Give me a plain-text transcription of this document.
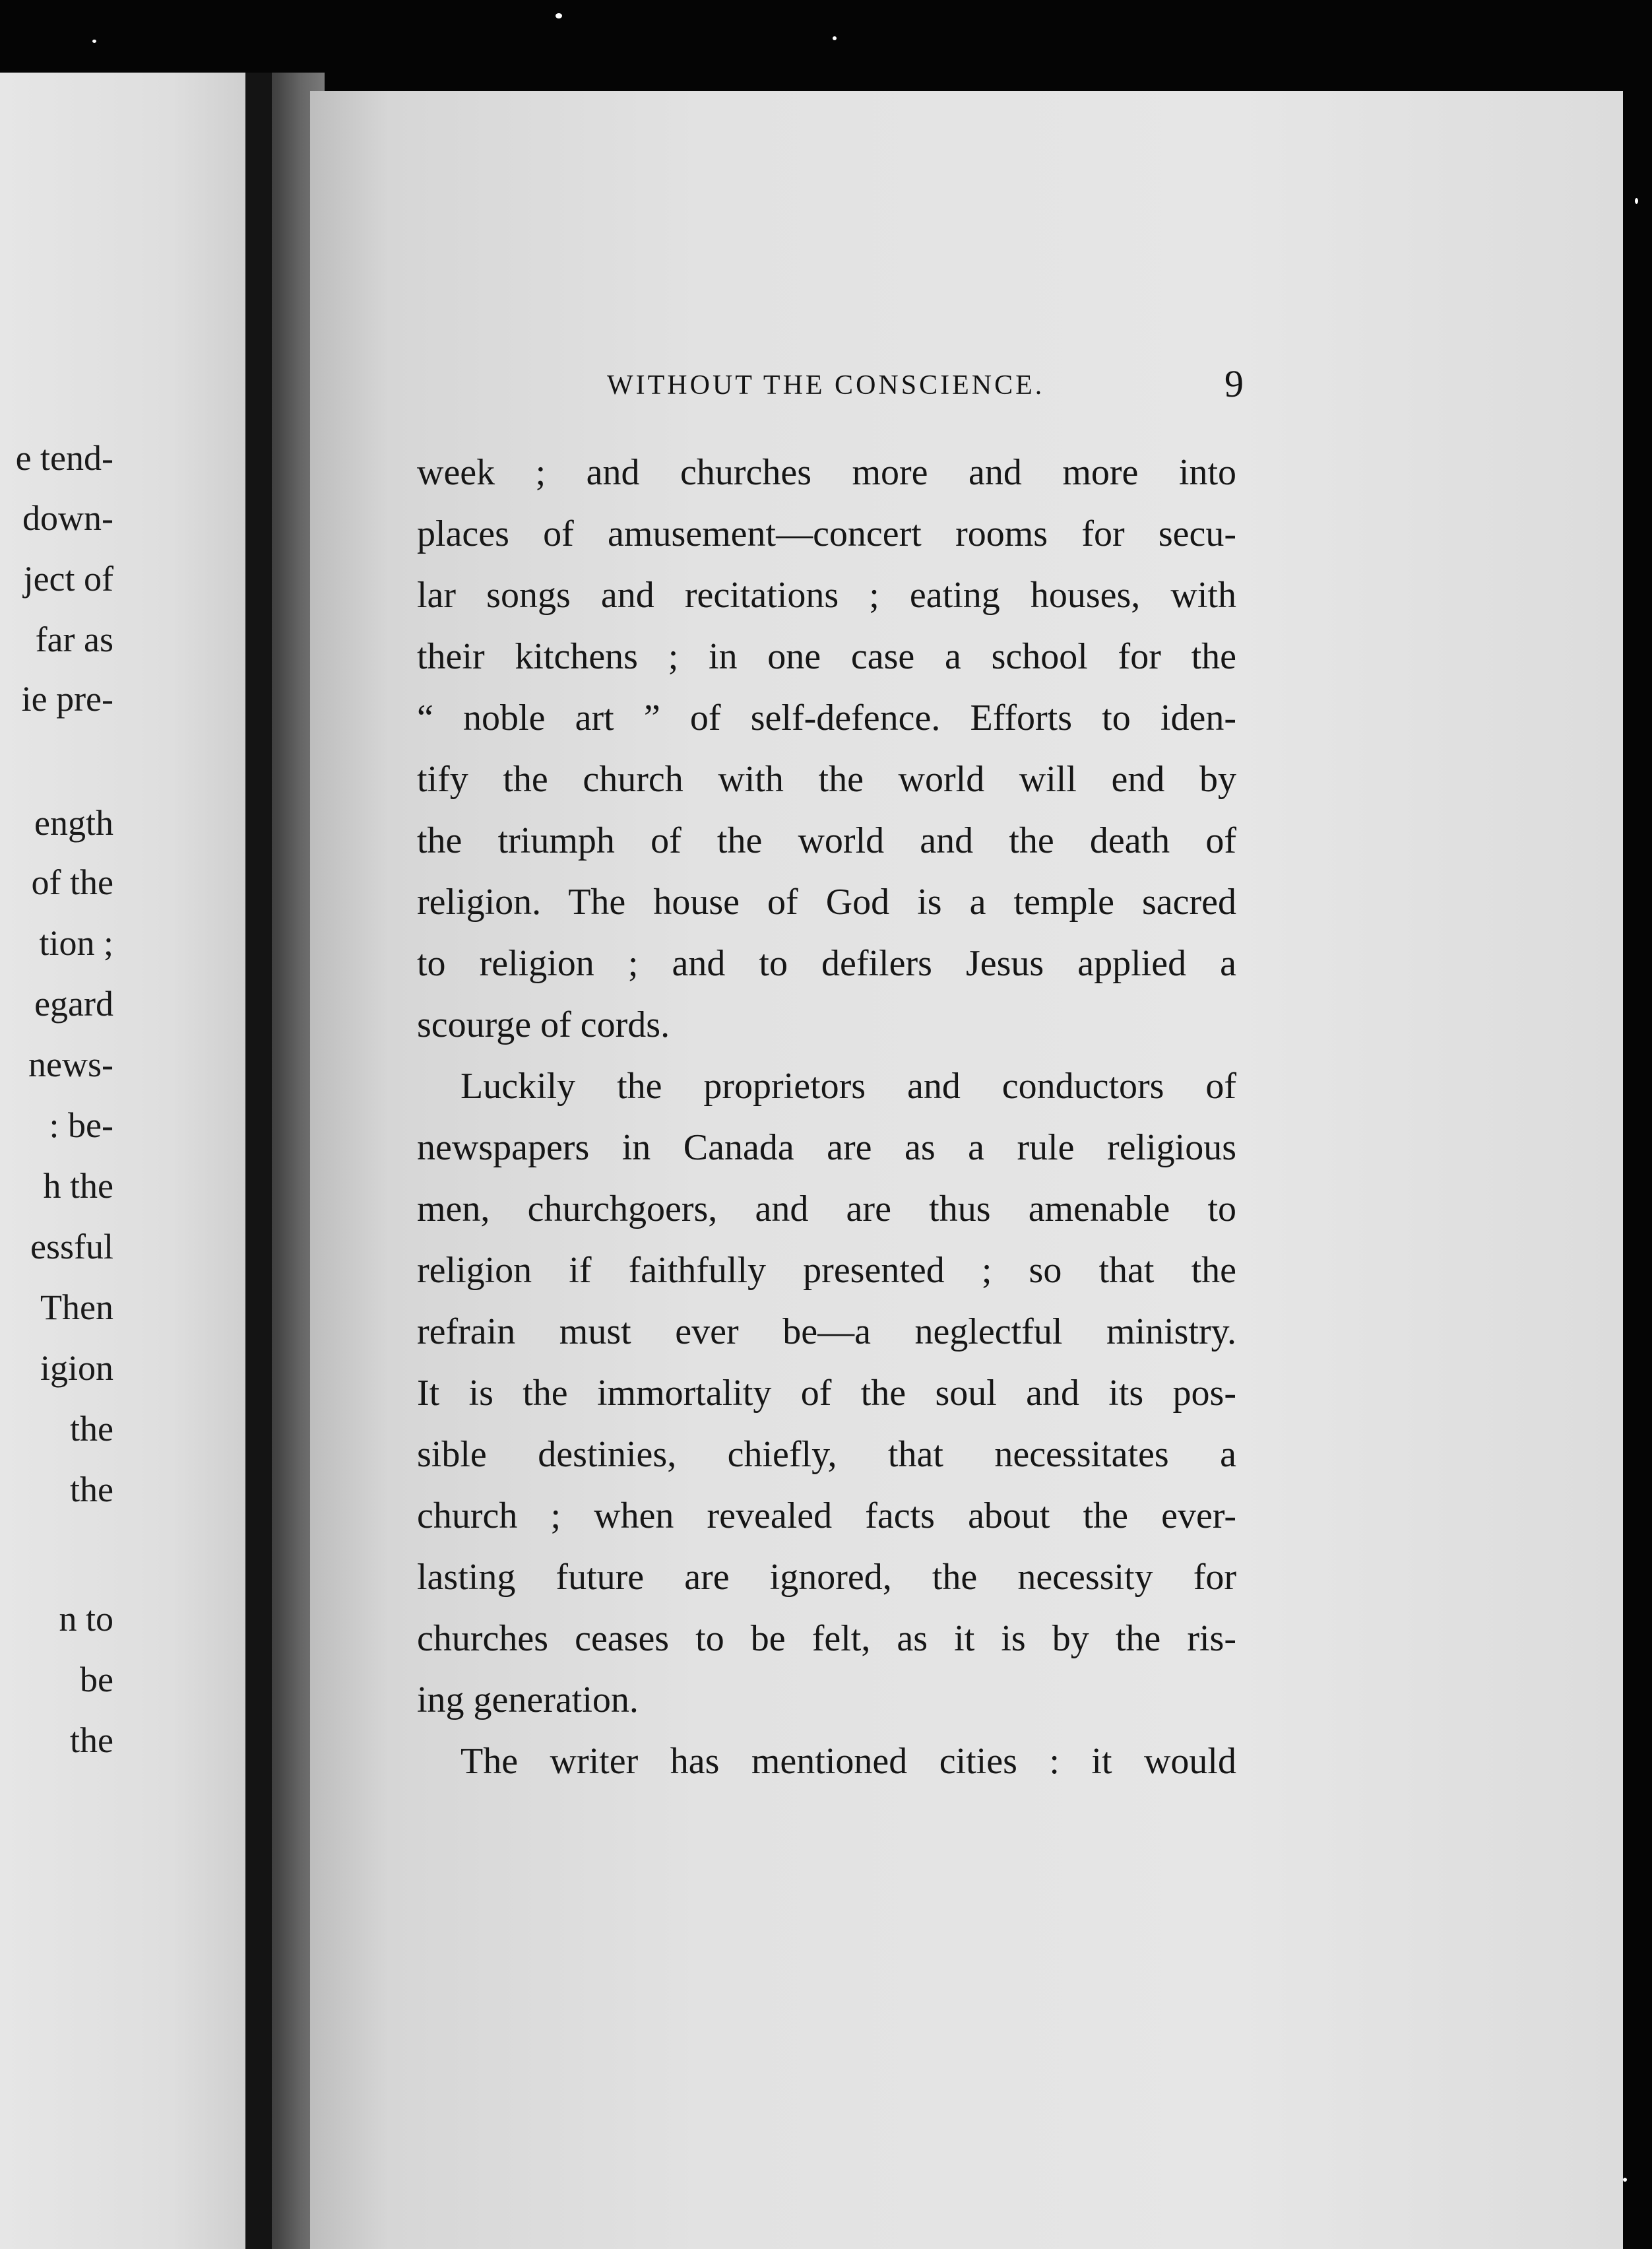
e tend-
down-
ject of
far as
ie pre-
ength
of the
tion ;
egard
news-
: be-
h the
essful
Then
igion
the
the
n to
be
the
WITHOUT THE CONSCIENCE.	9
week ; and churches more and more into
places of amusement—concert rooms for secu-
lar songs and recitations ; eating houses, with
their kitchens ; in one case a school for the
“ noble art ” of self-defence. Efforts to iden-
tify the church with the world will end by
the triumph of the world and the death of
religion. The house of God is a temple sacred
to religion ; and to defilers Jesus applied a
scourge of cords.
Luckily the proprietors and conductors of
newspapers in Canada are as a rule religious
men, churchgoers, and are thus amenable to
religion if faithfully presented ; so that the
refrain must ever be—a neglectful ministry.
It is the immortality of the soul and its pos-
sible destinies, chiefly, that necessitates a
church ; when revealed facts about the ever-
lasting future are ignored, the necessity for
churches ceases to be felt, as it is by the ris-
ing generation.
The writer has mentioned cities : it would
